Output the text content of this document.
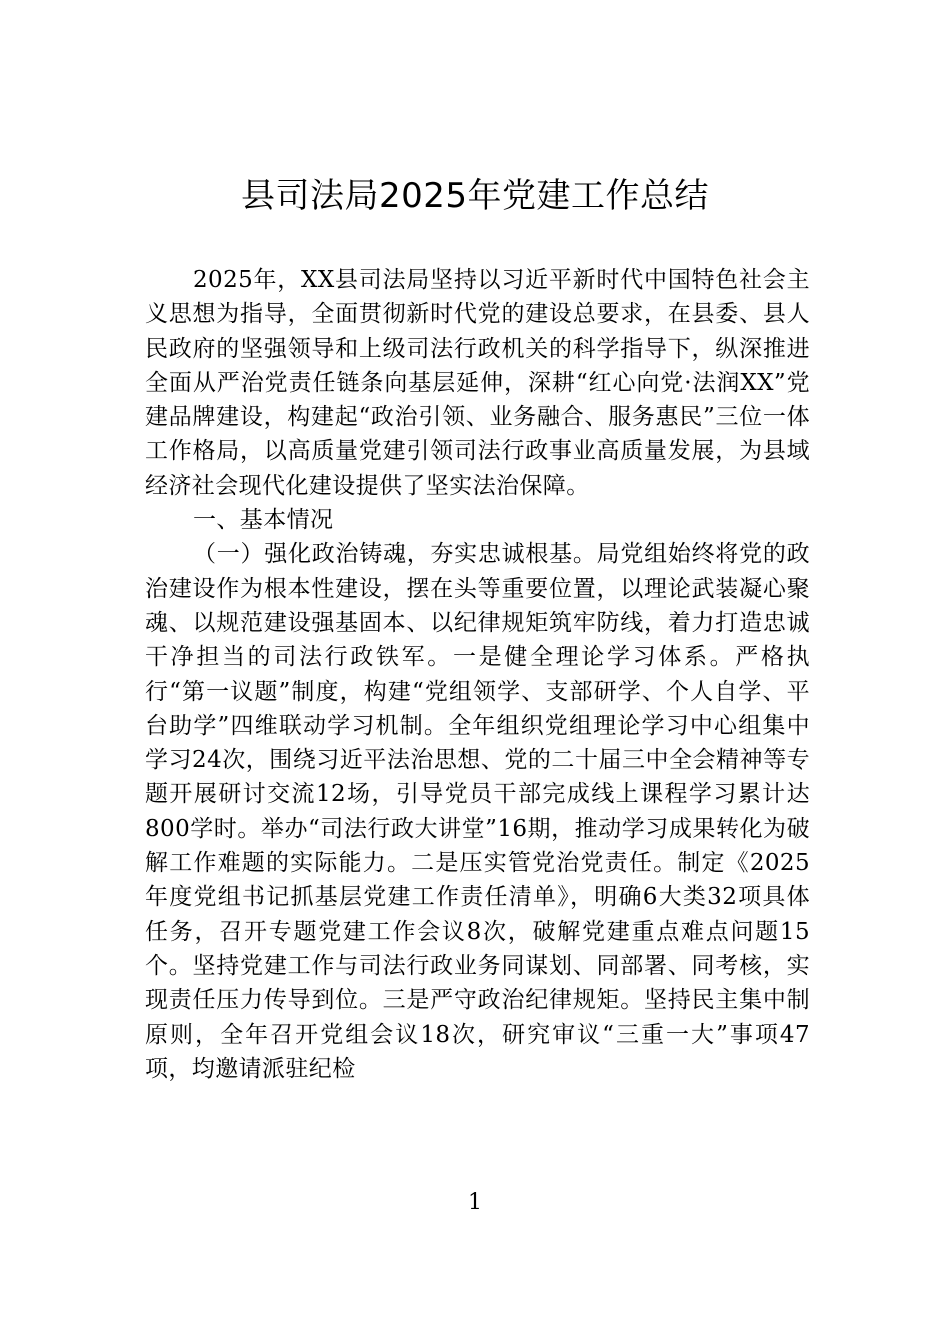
县司法局2025年党建工作总结

2025年，XX县司法局坚持以习近平新时代中国特色社会主义思想为指导，全面贯彻新时代党的建设总要求，在县委、县人民政府的坚强领导和上级司法行政机关的科学指导下，纵深推进全面从严治党责任链条向基层延伸，深耕“红心向党·法润XX”党建品牌建设，构建起“政治引领、业务融合、服务惠民”三位一体工作格局，以高质量党建引领司法行政事业高质量发展，为县域经济社会现代化建设提供了坚实法治保障。

一、基本情况

（一）强化政治铸魂，夯实忠诚根基。局党组始终将党的政治建设作为根本性建设，摆在头等重要位置，以理论武装凝心聚魂、以规范建设强基固本、以纪律规矩筑牢防线，着力打造忠诚干净担当的司法行政铁军。一是健全理论学习体系。严格执行“第一议题”制度，构建“党组领学、支部研学、个人自学、平台助学”四维联动学习机制。全年组织党组理论学习中心组集中学习24次，围绕习近平法治思想、党的二十届三中全会精神等专题开展研讨交流12场，引导党员干部完成线上课程学习累计达800学时。举办“司法行政大讲堂”16期，推动学习成果转化为破解工作难题的实际能力。二是压实管党治党责任。制定《2025年度党组书记抓基层党建工作责任清单》，明确6大类32项具体任务，召开专题党建工作会议8次，破解党建重点难点问题15个。坚持党建工作与司法行政业务同谋划、同部署、同考核，实现责任压力传导到位。三是严守政治纪律规矩。坚持民主集中制原则，全年召开党组会议18次，研究审议“三重一大”事项47项，均邀请派驻纪检

1
